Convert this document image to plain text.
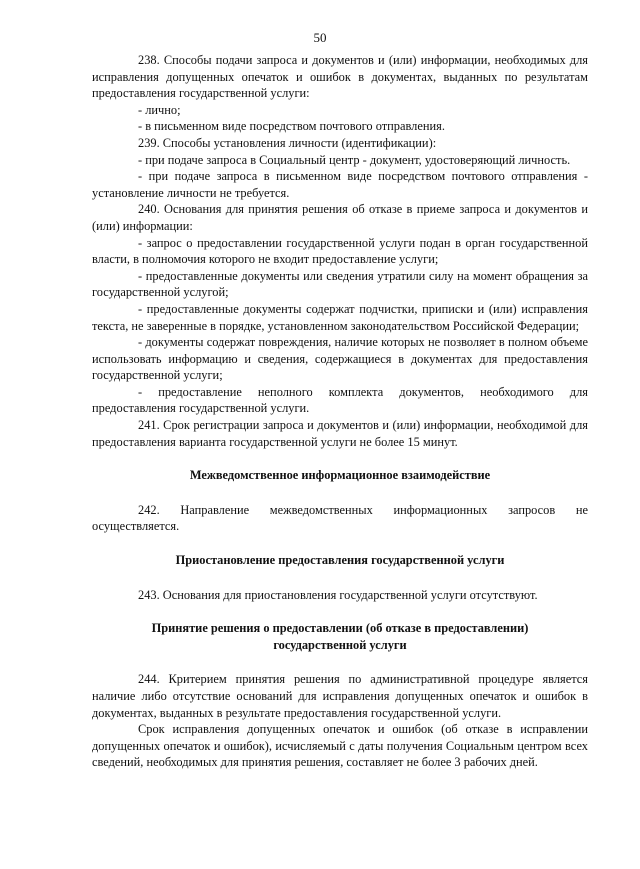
50

238. Способы подачи запроса и документов и (или) информации, необходимых для исправления допущенных опечаток и ошибок в документах, выданных по результатам предоставления государственной услуги:

- лично;

- в письменном виде посредством почтового отправления.

239. Способы установления личности (идентификации):

- при подаче запроса в Социальный центр - документ, удостоверяющий личность.

- при подаче запроса в письменном виде посредством почтового отправления - установление личности не требуется.

240. Основания для принятия решения об отказе в приеме запроса и документов и (или) информации:

- запрос о предоставлении государственной услуги подан в орган государственной власти, в полномочия которого не входит предоставление услуги;

- предоставленные документы или сведения утратили силу на момент обращения за государственной услугой;

- предоставленные документы содержат подчистки, приписки и (или) исправления текста, не заверенные в порядке, установленном законодательством Российской Федерации;

- документы содержат повреждения, наличие которых не позволяет в полном объеме использовать информацию и сведения, содержащиеся в документах для предоставления государственной услуги;

- предоставление неполного комплекта документов, необходимого для предоставления государственной услуги.

241. Срок регистрации запроса и документов и (или) информации, необходимой для предоставления варианта государственной услуги не более 15 минут.

Межведомственное информационное взаимодействие

242. Направление межведомственных информационных запросов не осуществляется.

Приостановление предоставления государственной услуги

243. Основания для приостановления государственной услуги отсутствуют.

Принятие решения о предоставлении (об отказе в предоставлении)
государственной услуги

244. Критерием принятия решения по административной процедуре является наличие либо отсутствие оснований для исправления допущенных опечаток и ошибок в документах, выданных в результате предоставления государственной услуги.

Срок исправления допущенных опечаток и ошибок (об отказе в исправлении допущенных опечаток и ошибок), исчисляемый с даты получения Социальным центром всех сведений, необходимых для принятия решения, составляет не более 3 рабочих дней.
